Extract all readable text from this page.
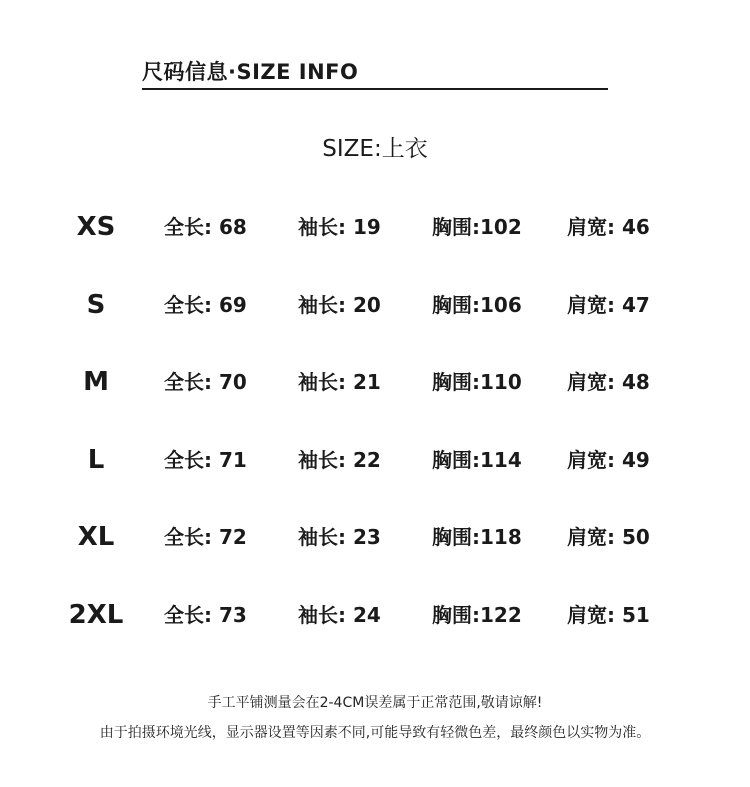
尺码信息·SIZE INFO
SIZE:上衣
XS	全长: 68	袖长: 19	胸围:102 肩宽: 46
S	全长: 69	袖长: 20	胸围:106 肩宽: 47
M	全长: 70	袖长: 21	胸围:110 肩宽: 48
L	全长: 71	袖长: 22	胸围:114 肩宽: 49
XL	全长: 72	袖长: 23	胸围:118 肩宽: 50
2XL	全长: 73	袖长: 24	胸围:122 肩宽: 51
手工平铺测量会在2-4CM误差属于正常范围,敬请谅解!
由于拍摄环境光线，显示器设置等因素不同,可能导致有轻微色差，最终颜色以实物为准。
